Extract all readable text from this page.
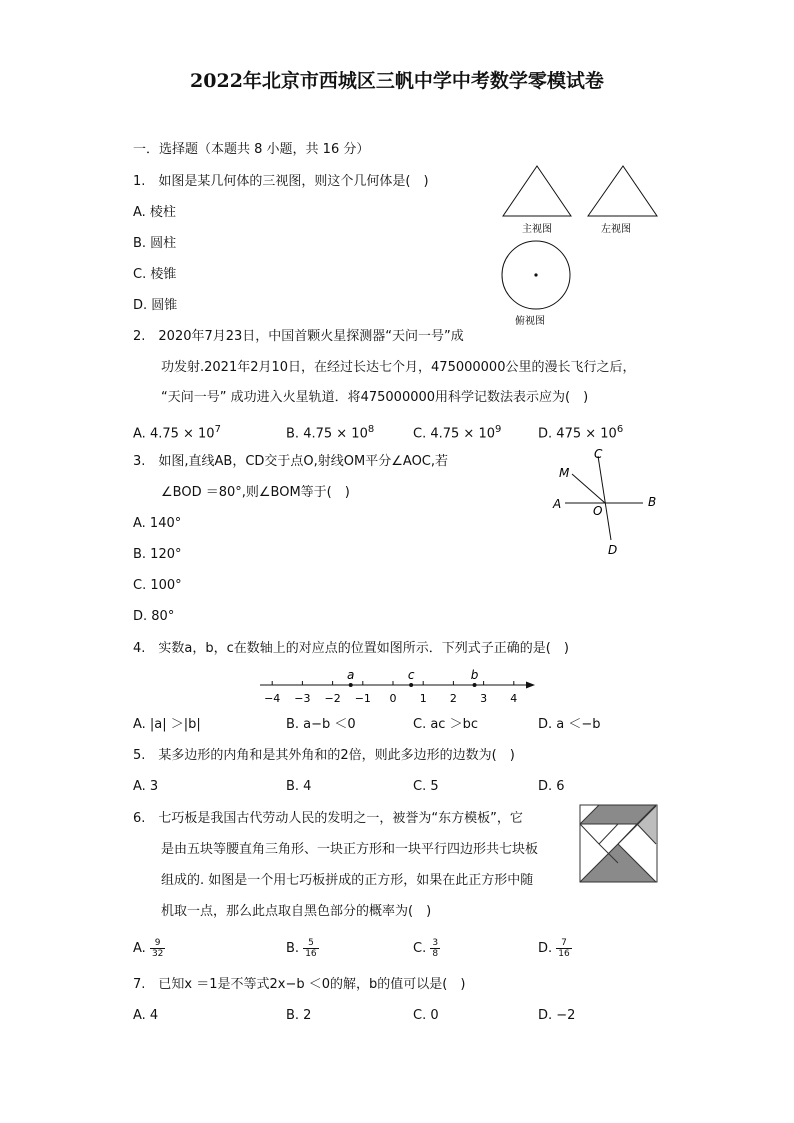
2022年北京市西城区三帆中学中考数学零模试卷
一．选择题（本题共 8 小题，共 16 分）
1.　如图是某几何体的三视图，则这个几何体是(　)
A. 棱柱
B. 圆柱
C. 棱锥
D. 圆锥
主视图	左视图
俯视图
2.　2020年7月23日，中国首颗火星探测器“天问一号”成
功发射.2021年2月10日，在经过长达七个月，475000000公里的漫长飞行之后，
“天问一号” 成功进入火星轨道．将475000000用科学记数法表示应为(　)
A. $4.75 \times 10^7$	B. $4.75 \times 10^8$	C. $4.75 \times 10^9$	D. $475 \times 10^6$
3.　如图,直线AB，CD交于点O,射线OM平分∠AOC,若
∠BOD ＝80°,则∠BOM等于(　)
A. 140°
B. 120°
C. 100°
D. 80°
M
C
A	O
B
D
4.　实数a，b，c在数轴上的对应点的位置如图所示．下列式子正确的是(　)
−4 −3 −2 −1 0 1 2 3 4
a	c	b
A. |a| ＞|b|	B. a−b ＜0	C. ac ＞bc	D. a ＜−b
5.　某多边形的内角和是其外角和的2倍，则此多边形的边数为(　)
A. 3	B. 4	C. 5	D. 6
6.　七巧板是我国古代劳动人民的发明之一，被誉为“东方模板”，它
是由五块等腰直角三角形、一块正方形和一块平行四边形共七块板
组成的. 如图是一个用七巧板拼成的正方形，如果在此正方形中随
机取一点，那么此点取自黑色部分的概率为(　)
A. $\frac{9}{32}$	B. $\frac{5}{16}$	C. $\frac{3}{8}$	D. $\frac{7}{16}$
7.　已知x ＝1是不等式2x−b ＜0的解，b的值可以是(　)
A. 4	B. 2	C. 0	D. −2
